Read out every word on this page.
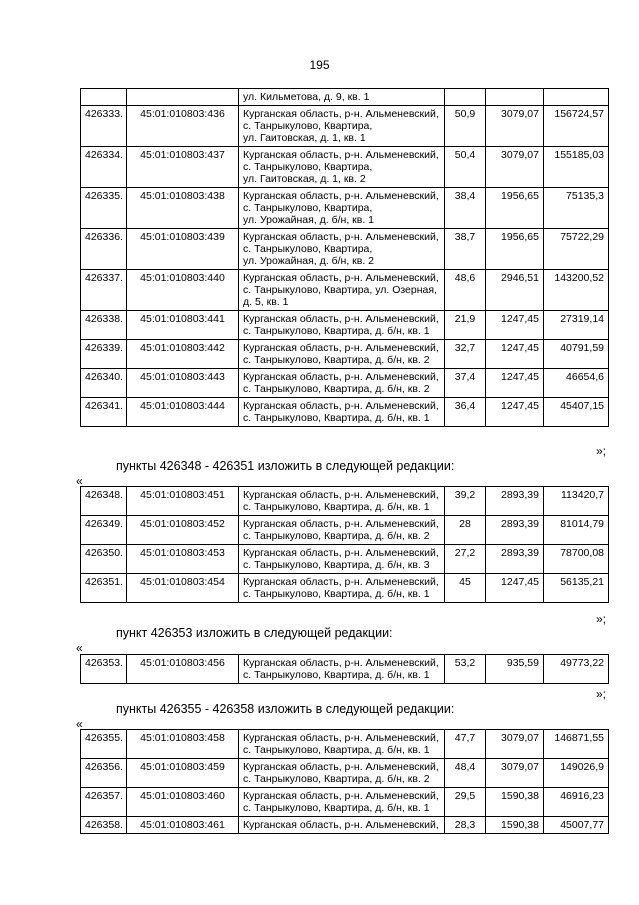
195
		ул. Кильметова, д. 9, кв. 1			
426333.	45:01:010803:436	Курганская область, р-н. Альменевский,
с. Танрыкулово, Квартира,
ул. Гаитовская, д. 1, кв. 1	50,9	3079,07	156724,57
426334.	45:01:010803:437	Курганская область, р-н. Альменевский,
с. Танрыкулово, Квартира,
ул. Гаитовская, д. 1, кв. 2	50,4	3079,07	155185,03
426335.	45:01:010803:438	Курганская область, р-н. Альменевский,
с. Танрыкулово, Квартира,
ул. Урожайная, д. б/н, кв. 1	38,4	1956,65	75135,3
426336.	45:01:010803:439	Курганская область, р-н. Альменевский,
с. Танрыкулово, Квартира,
ул. Урожайная, д. б/н, кв. 2	38,7	1956,65	75722,29
426337.	45:01:010803:440	Курганская область, р-н. Альменевский,
с. Танрыкулово, Квартира, ул. Озерная,
д. 5, кв. 1	48,6	2946,51	143200,52
426338.	45:01:010803:441	Курганская область, р-н. Альменевский,
с. Танрыкулово, Квартира, д. б/н, кв. 1	21,9	1247,45	27319,14
426339.	45:01:010803:442	Курганская область, р-н. Альменевский,
с. Танрыкулово, Квартира, д. б/н, кв. 2	32,7	1247,45	40791,59
426340.	45:01:010803:443	Курганская область, р-н. Альменевский,
с. Танрыкулово, Квартира, д. б/н, кв. 2	37,4	1247,45	46654,6
426341.	45:01:010803:444	Курганская область, р-н. Альменевский,
с. Танрыкулово, Квартира, д. б/н, кв. 1	36,4	1247,45	45407,15
»;
пункты 426348 - 426351 изложить в следующей редакции:
«
426348.	45:01:010803:451	Курганская область, р-н. Альменевский,
с. Танрыкулово, Квартира, д. б/н, кв. 1	39,2	2893,39	113420,7
426349.	45:01:010803:452	Курганская область, р-н. Альменевский,
с. Танрыкулово, Квартира, д. б/н, кв. 2	28	2893,39	81014,79
426350.	45:01:010803:453	Курганская область, р-н. Альменевский,
с. Танрыкулово, Квартира, д. б/н, кв. 3	27,2	2893,39	78700,08
426351.	45:01:010803:454	Курганская область, р-н. Альменевский,
с. Танрыкулово, Квартира, д. б/н, кв. 1	45	1247,45	56135,21
»;
пункт 426353 изложить в следующей редакции:
«
426353.	45:01:010803:456	Курганская область, р-н. Альменевский,
с. Танрыкулово, Квартира, д. б/н, кв. 1	53,2	935,59	49773,22
»;
пункты 426355 - 426358 изложить в следующей редакции:
«
426355.	45:01:010803:458	Курганская область, р-н. Альменевский,
с. Танрыкулово, Квартира, д. б/н, кв. 1	47,7	3079,07	146871,55
426356.	45:01:010803:459	Курганская область, р-н. Альменевский,
с. Танрыкулово, Квартира, д. б/н, кв. 2	48,4	3079,07	149026,9
426357.	45:01:010803:460	Курганская область, р-н. Альменевский,
с. Танрыкулово, Квартира, д. б/н, кв. 1	29,5	1590,38	46916,23
426358.	45:01:010803:461	Курганская область, р-н. Альменевский,	28,3	1590,38	45007,77
